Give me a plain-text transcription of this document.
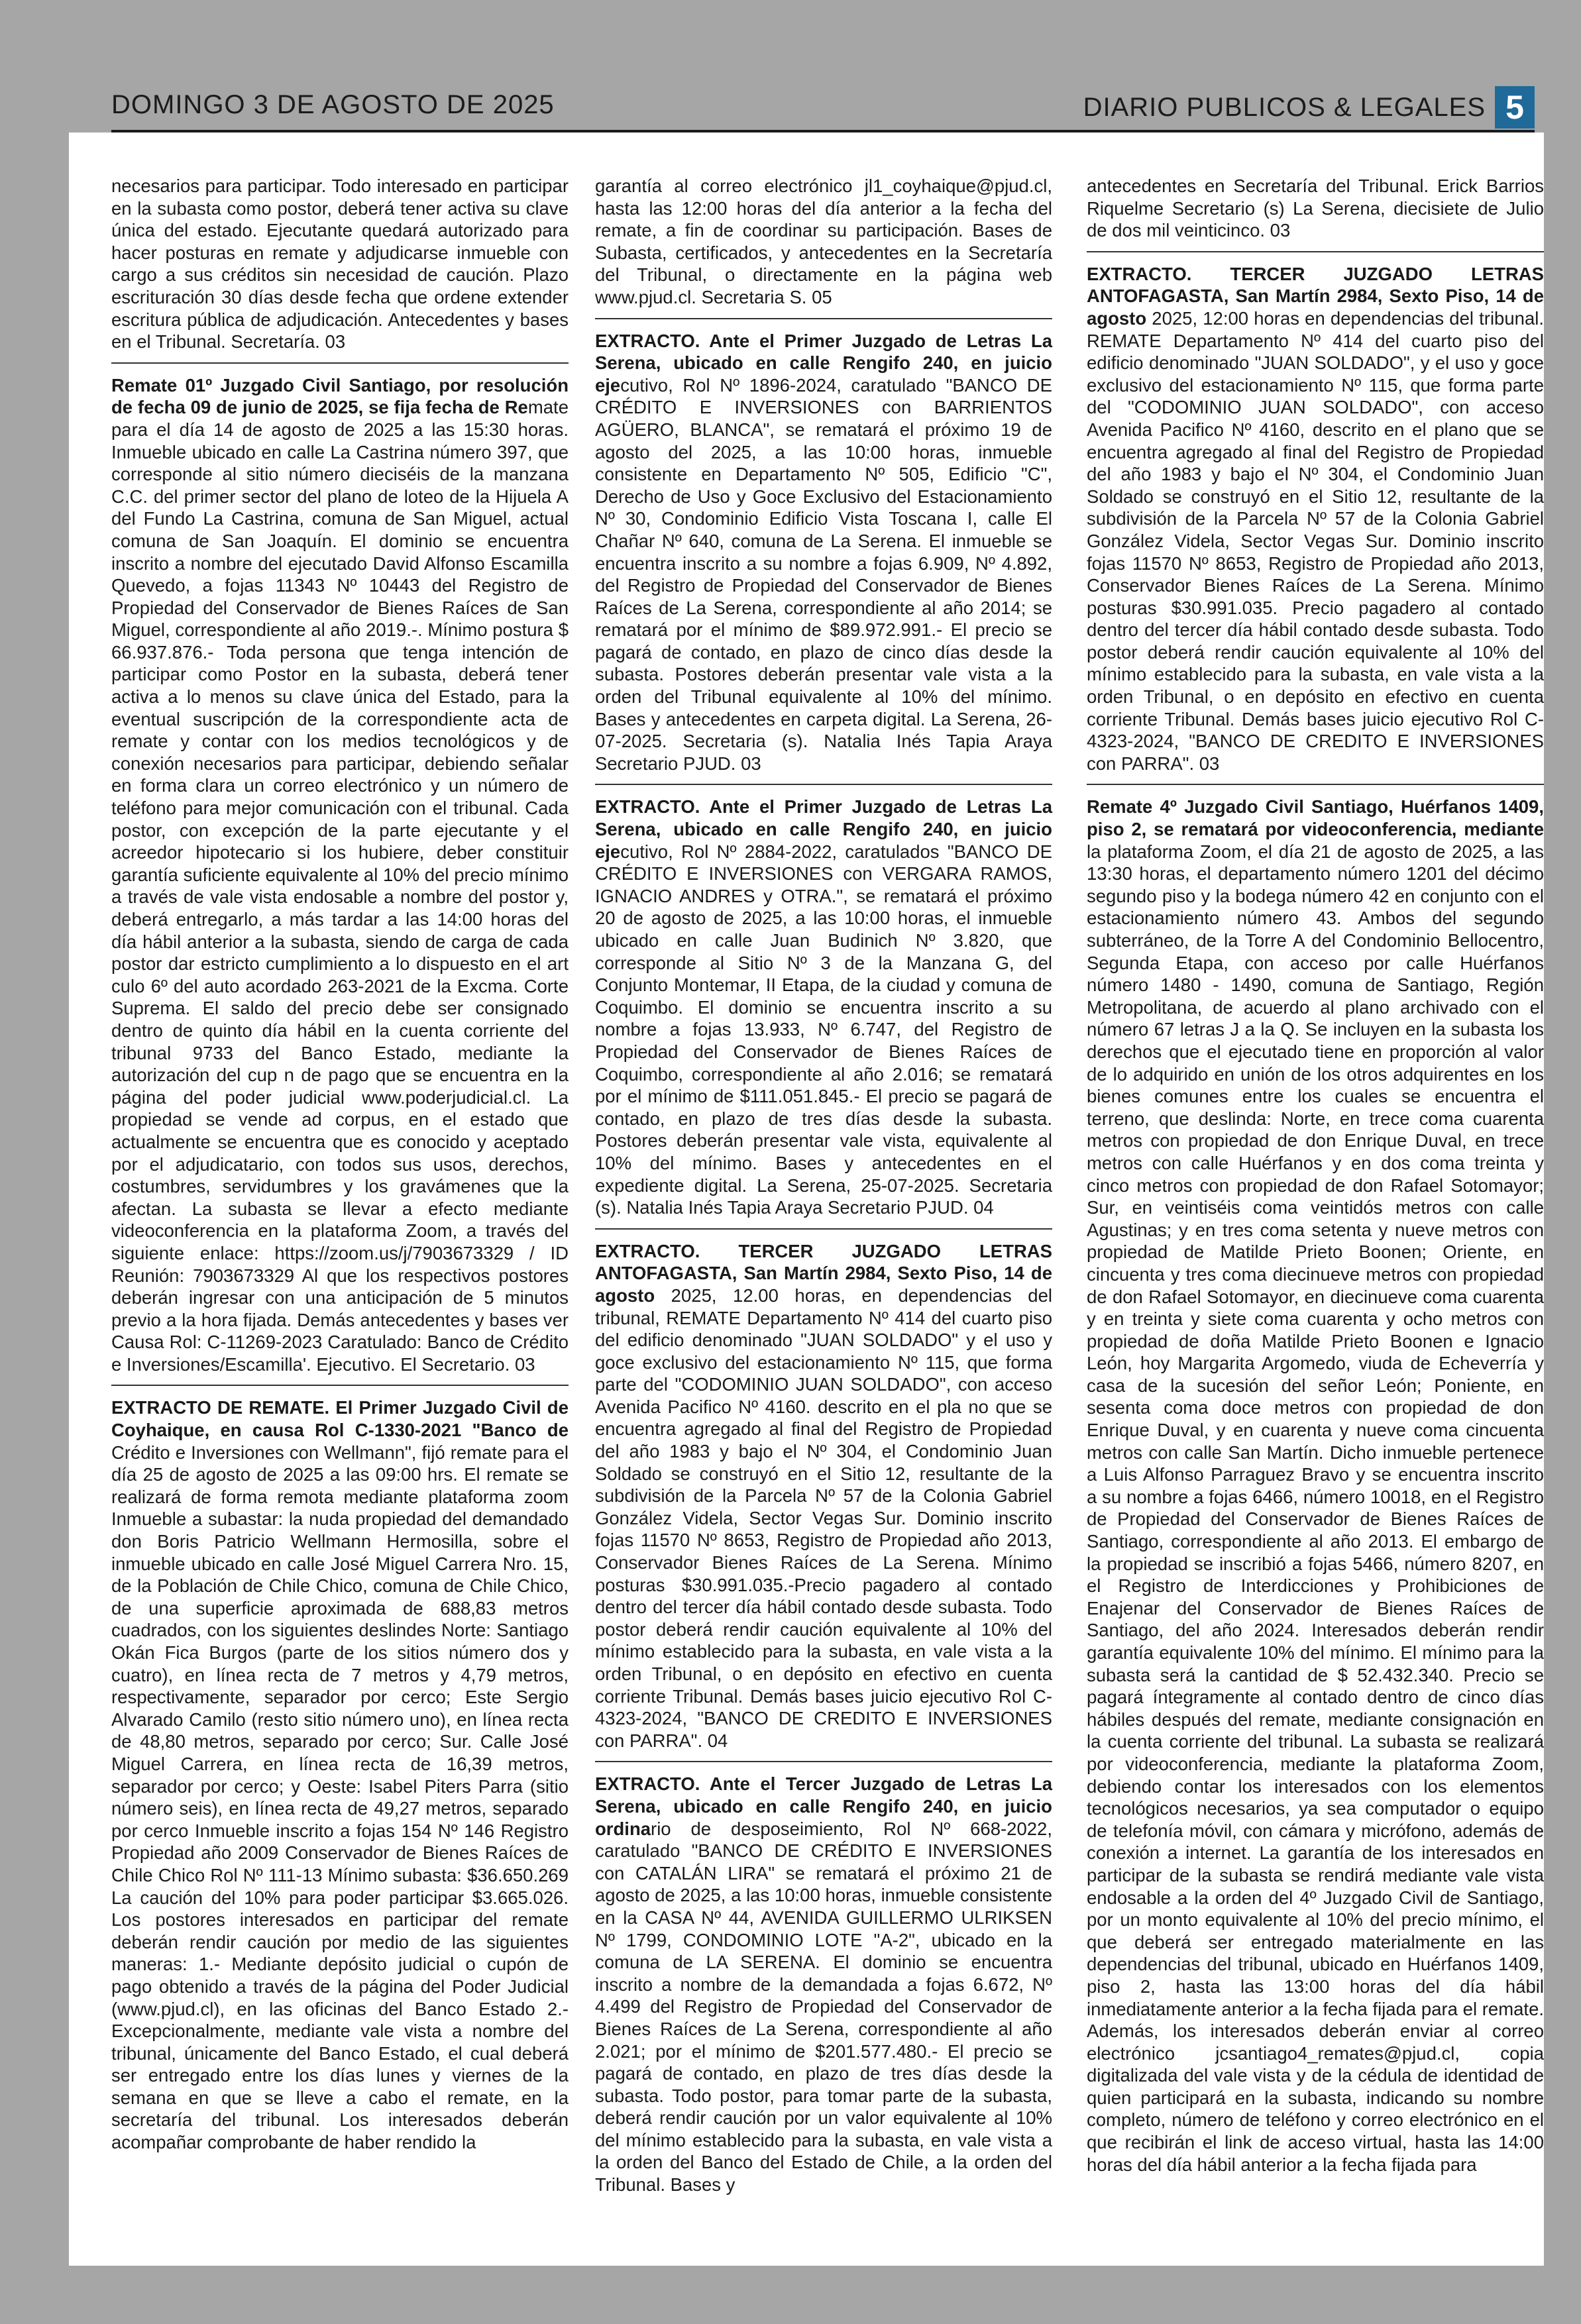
DOMINGO 3 DE AGOSTO DE 2025	DIARIO PUBLICOS & LEGALES 5

necesarios para participar. Todo interesado en participar en la subasta como postor, deberá tener activa su clave única del estado. Ejecutante quedará autorizado para hacer posturas en remate y adjudicarse inmueble con cargo a sus créditos sin necesidad de caución. Plazo escrituración 30 días desde fecha que ordene extender escritura pública de adjudicación. Antecedentes y bases en el Tribunal. Secretaría. 03

Remate 01º Juzgado Civil Santiago, por resolución de fecha 09 de junio de 2025, se fija fecha de Remate para el día 14 de agosto de 2025 a las 15:30 horas. Inmueble ubicado en calle La Castrina número 397, que corresponde al sitio número dieciséis de la manzana C.C. del primer sector del plano de loteo de la Hijuela A del Fundo La Castrina, comuna de San Miguel, actual comuna de San Joaquín. El dominio se encuentra inscrito a nombre del ejecutado David Alfonso Escamilla Quevedo, a fojas 11343 Nº 10443 del Registro de Propiedad del Conservador de Bienes Raíces de San Miguel, correspondiente al año 2019.-. Mínimo postura $ 66.937.876.- Toda persona que tenga intención de participar como Postor en la subasta, deberá tener activa a lo menos su clave única del Estado, para la eventual suscripción de la correspondiente acta de remate y contar con los medios tecnológicos y de conexión necesarios para participar, debiendo señalar en forma clara un correo electrónico y un número de teléfono para mejor comunicación con el tribunal. Cada postor, con excepción de la parte ejecutante y el acreedor hipotecario si los hubiere, deber constituir garantía suficiente equivalente al 10% del precio mínimo a través de vale vista endosable a nombre del postor y, deberá entregarlo, a más tardar a las 14:00 horas del día hábil anterior a la subasta, siendo de carga de cada postor dar estricto cumplimiento a lo dispuesto en el art culo 6º del auto acordado 263-2021 de la Excma. Corte Suprema. El saldo del precio debe ser consignado dentro de quinto día hábil en la cuenta corriente del tribunal 9733 del Banco Estado, mediante la autorización del cup n de pago que se encuentra en la página del poder judicial www.poderjudicial.cl. La propiedad se vende ad corpus, en el estado que actualmente se encuentra que es conocido y aceptado por el adjudicatario, con todos sus usos, derechos, costumbres, servidumbres y los gravámenes que la afectan. La subasta se llevar a efecto mediante videoconferencia en la plataforma Zoom, a través del siguiente enlace: https://zoom.us/j/7903673329 / ID Reunión: 7903673329 Al que los respectivos postores deberán ingresar con una anticipación de 5 minutos previo a la hora fijada. Demás antecedentes y bases ver Causa Rol: C-11269-2023 Caratulado: Banco de Crédito e Inversiones/Escamilla'. Ejecutivo. El Secretario. 03

EXTRACTO DE REMATE. El Primer Juzgado Civil de Coyhaique, en causa Rol C-1330-2021 "Banco de Crédito e Inversiones con Wellmann", fijó remate para el día 25 de agosto de 2025 a las 09:00 hrs. El remate se realizará de forma remota mediante plataforma zoom Inmueble a subastar: la nuda propiedad del demandado don Boris Patricio Wellmann Hermosilla, sobre el inmueble ubicado en calle José Miguel Carrera Nro. 15, de la Población de Chile Chico, comuna de Chile Chico, de una superficie aproximada de 688,83 metros cuadrados, con los siguientes deslindes Norte: Santiago Okán Fica Burgos (parte de los sitios número dos y cuatro), en línea recta de 7 metros y 4,79 metros, respectivamente, separador por cerco; Este Sergio Alvarado Camilo (resto sitio número uno), en línea recta de 48,80 metros, separado por cerco; Sur. Calle José Miguel Carrera, en línea recta de 16,39 metros, separador por cerco; y Oeste: Isabel Piters Parra (sitio número seis), en línea recta de 49,27 metros, separado por cerco Inmueble inscrito a fojas 154 Nº 146 Registro Propiedad año 2009 Conservador de Bienes Raíces de Chile Chico Rol Nº 111-13 Mínimo subasta: $36.650.269 La caución del 10% para poder participar $3.665.026. Los postores interesados en participar del remate deberán rendir caución por medio de las siguientes maneras: 1.- Mediante depósito judicial o cupón de pago obtenido a través de la página del Poder Judicial (www.pjud.cl), en las oficinas del Banco Estado 2.- Excepcionalmente, mediante vale vista a nombre del tribunal, únicamente del Banco Estado, el cual deberá ser entregado entre los días lunes y viernes de la semana en que se lleve a cabo el remate, en la secretaría del tribunal. Los interesados deberán acompañar comprobante de haber rendido la

garantía al correo electrónico jl1_coyhaique@pjud.cl, hasta las 12:00 horas del día anterior a la fecha del remate, a fin de coordinar su participación. Bases de Subasta, certificados, y antecedentes en la Secretaría del Tribunal, o directamente en la página web www.pjud.cl. Secretaria S. 05

EXTRACTO. Ante el Primer Juzgado de Letras La Serena, ubicado en calle Rengifo 240, en juicio ejecutivo, Rol Nº 1896-2024, caratulado "BANCO DE CRÉDITO E INVERSIONES con BARRIENTOS AGÜERO, BLANCA", se rematará el próximo 19 de agosto del 2025, a las 10:00 horas, inmueble consistente en Departamento Nº 505, Edificio "C", Derecho de Uso y Goce Exclusivo del Estacionamiento Nº 30, Condominio Edificio Vista Toscana I, calle El Chañar Nº 640, comuna de La Serena. El inmueble se encuentra inscrito a su nombre a fojas 6.909, Nº 4.892, del Registro de Propiedad del Conservador de Bienes Raíces de La Serena, correspondiente al año 2014; se rematará por el mínimo de $89.972.991.- El precio se pagará de contado, en plazo de cinco días desde la subasta. Postores deberán presentar vale vista a la orden del Tribunal equivalente al 10% del mínimo. Bases y antecedentes en carpeta digital. La Serena, 26-07-2025. Secretaria (s). Natalia Inés Tapia Araya Secretario PJUD. 03

EXTRACTO. Ante el Primer Juzgado de Letras La Serena, ubicado en calle Rengifo 240, en juicio ejecutivo, Rol Nº 2884-2022, caratulados "BANCO DE CRÉDITO E INVERSIONES con VERGARA RAMOS, IGNACIO ANDRES y OTRA.", se rematará el próximo 20 de agosto de 2025, a las 10:00 horas, el inmueble ubicado en calle Juan Budinich Nº 3.820, que corresponde al Sitio Nº 3 de la Manzana G, del Conjunto Montemar, II Etapa, de la ciudad y comuna de Coquimbo. El dominio se encuentra inscrito a su nombre a fojas 13.933, Nº 6.747, del Registro de Propiedad del Conservador de Bienes Raíces de Coquimbo, correspondiente al año 2.016; se rematará por el mínimo de $111.051.845.- El precio se pagará de contado, en plazo de tres días desde la subasta. Postores deberán presentar vale vista, equivalente al 10% del mínimo. Bases y antecedentes en el expediente digital. La Serena, 25-07-2025. Secretaria (s). Natalia Inés Tapia Araya Secretario PJUD. 04

EXTRACTO. TERCER JUZGADO LETRAS ANTOFAGASTA, San Martín 2984, Sexto Piso, 14 de agosto 2025, 12.00 horas, en dependencias del tribunal, REMATE Departamento Nº 414 del cuarto piso del edificio denominado "JUAN SOLDADO" y el uso y goce exclusivo del estacionamiento Nº 115, que forma parte del "CODOMINIO JUAN SOLDADO", con acceso Avenida Pacifico Nº 4160. descrito en el pla no que se encuentra agregado al final del Registro de Propiedad del año 1983 y bajo el Nº 304, el Condominio Juan Soldado se construyó en el Sitio 12, resultante de la subdivisión de la Parcela Nº 57 de la Colonia Gabriel González Videla, Sector Vegas Sur. Dominio inscrito fojas 11570 Nº 8653, Registro de Propiedad año 2013, Conservador Bienes Raíces de La Serena. Mínimo posturas $30.991.035.-Precio pagadero al contado dentro del tercer día hábil contado desde subasta. Todo postor deberá rendir caución equivalente al 10% del mínimo establecido para la subasta, en vale vista a la orden Tribunal, o en depósito en efectivo en cuenta corriente Tribunal. Demás bases juicio ejecutivo Rol C-4323-2024, "BANCO DE CREDITO E INVERSIONES con PARRA". 04

EXTRACTO. Ante el Tercer Juzgado de Letras La Serena, ubicado en calle Rengifo 240, en juicio ordinario de desposeimiento, Rol Nº 668-2022, caratulado "BANCO DE CRÉDITO E INVERSIONES con CATALÁN LIRA" se rematará el próximo 21 de agosto de 2025, a las 10:00 horas, inmueble consistente en la CASA Nº 44, AVENIDA GUILLERMO ULRIKSEN Nº 1799, CONDOMINIO LOTE "A-2", ubicado en la comuna de LA SERENA. El dominio se encuentra inscrito a nombre de la demandada a fojas 6.672, Nº 4.499 del Registro de Propiedad del Conservador de Bienes Raíces de La Serena, correspondiente al año 2.021; por el mínimo de $201.577.480.- El precio se pagará de contado, en plazo de tres días desde la subasta. Todo postor, para tomar parte de la subasta, deberá rendir caución por un valor equivalente al 10% del mínimo establecido para la subasta, en vale vista a la orden del Banco del Estado de Chile, a la orden del Tribunal. Bases y

antecedentes en Secretaría del Tribunal. Erick Barrios Riquelme Secretario (s) La Serena, diecisiete de Julio de dos mil veinticinco. 03

EXTRACTO. TERCER JUZGADO LETRAS ANTOFAGASTA, San Martín 2984, Sexto Piso, 14 de agosto 2025, 12:00 horas en dependencias del tribunal. REMATE Departamento Nº 414 del cuarto piso del edificio denominado "JUAN SOLDADO", y el uso y goce exclusivo del estacionamiento Nº 115, que forma parte del "CODOMINIO JUAN SOLDADO", con acceso Avenida Pacifico Nº 4160, descrito en el plano que se encuentra agregado al final del Registro de Propiedad del año 1983 y bajo el Nº 304, el Condominio Juan Soldado se construyó en el Sitio 12, resultante de la subdivisión de la Parcela Nº 57 de la Colonia Gabriel González Videla, Sector Vegas Sur. Dominio inscrito fojas 11570 Nº 8653, Registro de Propiedad año 2013, Conservador Bienes Raíces de La Serena. Mínimo posturas $30.991.035. Precio pagadero al contado dentro del tercer día hábil contado desde subasta. Todo postor deberá rendir caución equivalente al 10% del mínimo establecido para la subasta, en vale vista a la orden Tribunal, o en depósito en efectivo en cuenta corriente Tribunal. Demás bases juicio ejecutivo Rol C-4323-2024, "BANCO DE CREDITO E INVERSIONES con PARRA". 03

Remate 4º Juzgado Civil Santiago, Huérfanos 1409, piso 2, se rematará por videoconferencia, mediante la plataforma Zoom, el día 21 de agosto de 2025, a las 13:30 horas, el departamento número 1201 del décimo segundo piso y la bodega número 42 en conjunto con el estacionamiento número 43. Ambos del segundo subterráneo, de la Torre A del Condominio Bellocentro, Segunda Etapa, con acceso por calle Huérfanos número 1480 - 1490, comuna de Santiago, Región Metropolitana, de acuerdo al plano archivado con el número 67 letras J a la Q. Se incluyen en la subasta los derechos que el ejecutado tiene en proporción al valor de lo adquirido en unión de los otros adquirentes en los bienes comunes entre los cuales se encuentra el terreno, que deslinda: Norte, en trece coma cuarenta metros con propiedad de don Enrique Duval, en trece metros con calle Huérfanos y en dos coma treinta y cinco metros con propiedad de don Rafael Sotomayor; Sur, en veintiséis coma veintidós metros con calle Agustinas; y en tres coma setenta y nueve metros con propiedad de Matilde Prieto Boonen; Oriente, en cincuenta y tres coma diecinueve metros con propiedad de don Rafael Sotomayor, en diecinueve coma cuarenta y en treinta y siete coma cuarenta y ocho metros con propiedad de doña Matilde Prieto Boonen e Ignacio León, hoy Margarita Argomedo, viuda de Echeverría y casa de la sucesión del señor León; Poniente, en sesenta coma doce metros con propiedad de don Enrique Duval, y en cuarenta y nueve coma cincuenta metros con calle San Martín. Dicho inmueble pertenece a Luis Alfonso Parraguez Bravo y se encuentra inscrito a su nombre a fojas 6466, número 10018, en el Registro de Propiedad del Conservador de Bienes Raíces de Santiago, correspondiente al año 2013. El embargo de la propiedad se inscribió a fojas 5466, número 8207, en el Registro de Interdicciones y Prohibiciones de Enajenar del Conservador de Bienes Raíces de Santiago, del año 2024. Interesados deberán rendir garantía equivalente 10% del mínimo. El mínimo para la subasta será la cantidad de $ 52.432.340. Precio se pagará íntegramente al contado dentro de cinco días hábiles después del remate, mediante consignación en la cuenta corriente del tribunal. La subasta se realizará por videoconferencia, mediante la plataforma Zoom, debiendo contar los interesados con los elementos tecnológicos necesarios, ya sea computador o equipo de telefonía móvil, con cámara y micrófono, además de conexión a internet. La garantía de los interesados en participar de la subasta se rendirá mediante vale vista endosable a la orden del 4º Juzgado Civil de Santiago, por un monto equivalente al 10% del precio mínimo, el que deberá ser entregado materialmente en las dependencias del tribunal, ubicado en Huérfanos 1409, piso 2, hasta las 13:00 horas del día hábil inmediatamente anterior a la fecha fijada para el remate. Además, los interesados deberán enviar al correo electrónico jcsantiago4_remates@pjud.cl, copia digitalizada del vale vista y de la cédula de identidad de quien participará en la subasta, indicando su nombre completo, número de teléfono y correo electrónico en el que recibirán el link de acceso virtual, hasta las 14:00 horas del día hábil anterior a la fecha fijada para
